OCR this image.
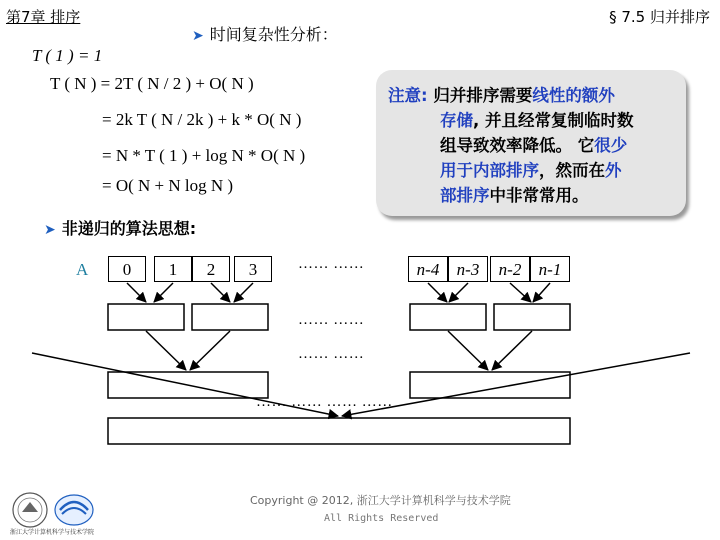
第7章 排序	§ 7.5 归并排序
➤ 时间复杂性分析：
T ( 1 ) = 1
T ( N ) = 2T ( N / 2 ) + O( N )
= 2k T ( N / 2k ) + k * O( N )
= N * T ( 1 ) + log N * O( N )
= O( N + N log N )
注意: 归并排序需要线性的额外
存储, 并且经常复制临时数
组导致效率降低。 它很少
用于内部排序，然而在外
部排序中非常常用。
➤ 非递归的算法思想:
A	0	1	2	3	…… ……	n-4	n-3	n-2	n-1
…… ……
…… ……
…… …… …… ……
Copyright @ 2012, 浙江大学计算机科学与技术学院
All Rights Reserved
浙江大学计算机科学与技术学院
